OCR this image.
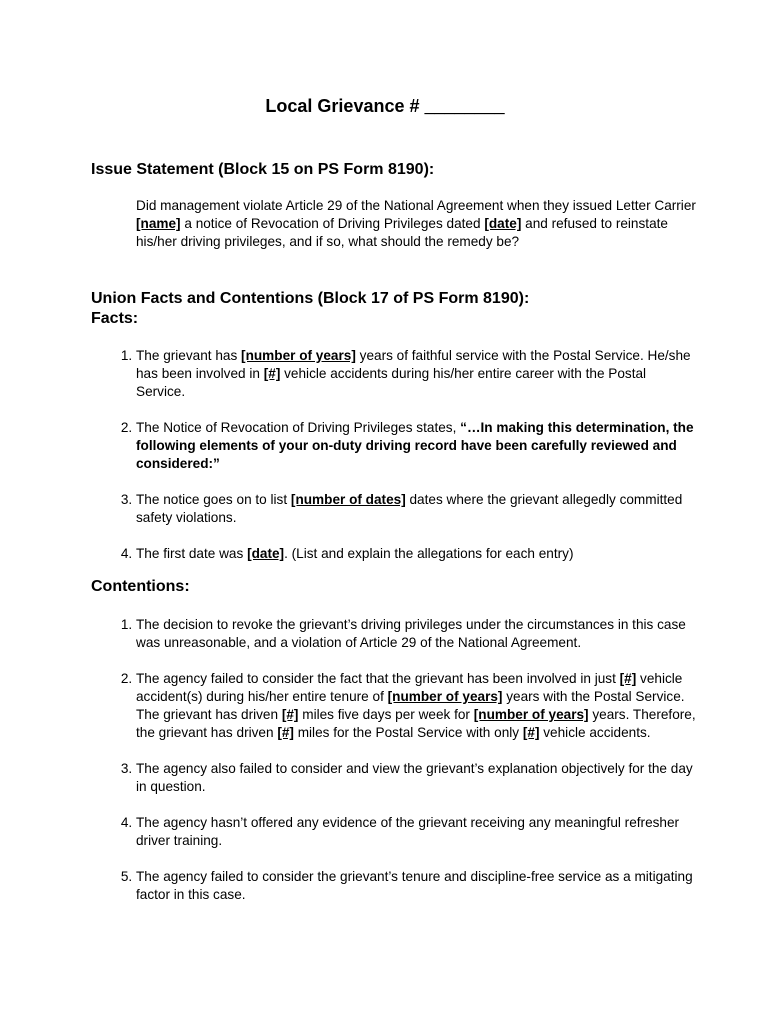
Local Grievance # ________
Issue Statement (Block 15 on PS Form 8190):
Did management violate Article 29 of the National Agreement when they issued Letter Carrier [name] a notice of Revocation of Driving Privileges dated [date] and refused to reinstate his/her driving privileges, and if so, what should the remedy be?
Union Facts and Contentions (Block 17 of PS Form 8190):
Facts:
1. The grievant has [number of years] years of faithful service with the Postal Service. He/she has been involved in [#] vehicle accidents during his/her entire career with the Postal Service.
2. The Notice of Revocation of Driving Privileges states, “…In making this determination, the following elements of your on-duty driving record have been carefully reviewed and considered:”
3. The notice goes on to list [number of dates] dates where the grievant allegedly committed safety violations.
4. The first date was [date]. (List and explain the allegations for each entry)
Contentions:
1. The decision to revoke the grievant’s driving privileges under the circumstances in this case was unreasonable, and a violation of Article 29 of the National Agreement.
2. The agency failed to consider the fact that the grievant has been involved in just [#] vehicle accident(s) during his/her entire tenure of [number of years] years with the Postal Service. The grievant has driven [#] miles five days per week for [number of years] years. Therefore, the grievant has driven [#] miles for the Postal Service with only [#] vehicle accidents.
3. The agency also failed to consider and view the grievant’s explanation objectively for the day in question.
4. The agency hasn’t offered any evidence of the grievant receiving any meaningful refresher driver training.
5. The agency failed to consider the grievant’s tenure and discipline-free service as a mitigating factor in this case.
